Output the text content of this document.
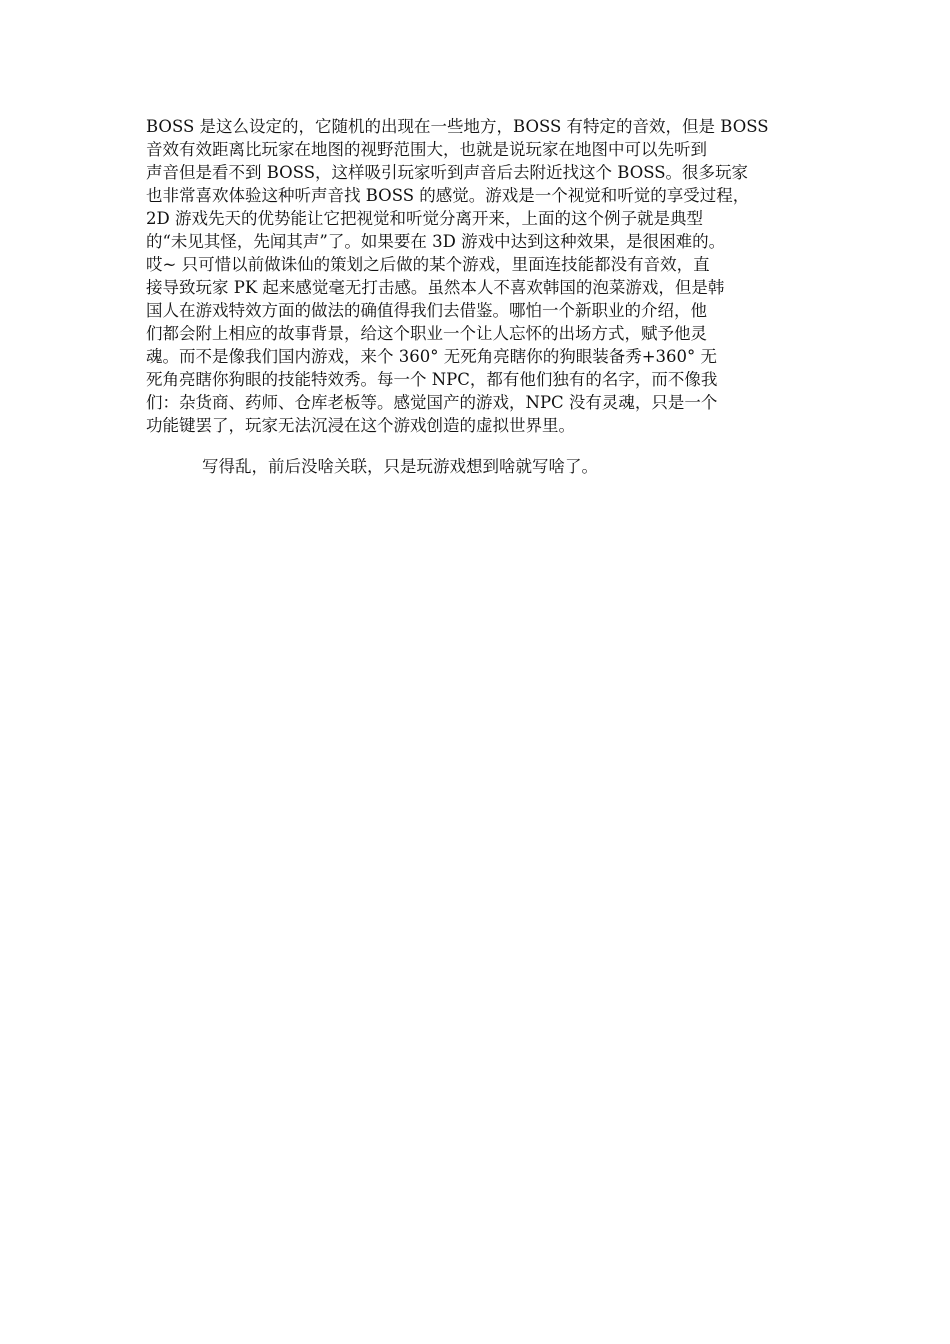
BOSS 是这么设定的，它随机的出现在一些地方，BOSS 有特定的音效，但是 BOSS
音效有效距离比玩家在地图的视野范围大，也就是说玩家在地图中可以先听到
声音但是看不到 BOSS，这样吸引玩家听到声音后去附近找这个 BOSS。很多玩家
也非常喜欢体验这种听声音找 BOSS 的感觉。游戏是一个视觉和听觉的享受过程，
2D 游戏先天的优势能让它把视觉和听觉分离开来，上面的这个例子就是典型
的“未见其怪，先闻其声”了。如果要在 3D 游戏中达到这种效果，是很困难的。
哎~ 只可惜以前做诛仙的策划之后做的某个游戏，里面连技能都没有音效，直
接导致玩家 PK 起来感觉毫无打击感。虽然本人不喜欢韩国的泡菜游戏，但是韩
国人在游戏特效方面的做法的确值得我们去借鉴。哪怕一个新职业的介绍，他
们都会附上相应的故事背景，给这个职业一个让人忘怀的出场方式，赋予他灵
魂。而不是像我们国内游戏，来个 360° 无死角亮瞎你的狗眼装备秀+360° 无
死角亮瞎你狗眼的技能特效秀。每一个 NPC，都有他们独有的名字，而不像我
们：杂货商、药师、仓库老板等。感觉国产的游戏，NPC 没有灵魂，只是一个
功能键罢了，玩家无法沉浸在这个游戏创造的虚拟世界里。
写得乱，前后没啥关联，只是玩游戏想到啥就写啥了。
